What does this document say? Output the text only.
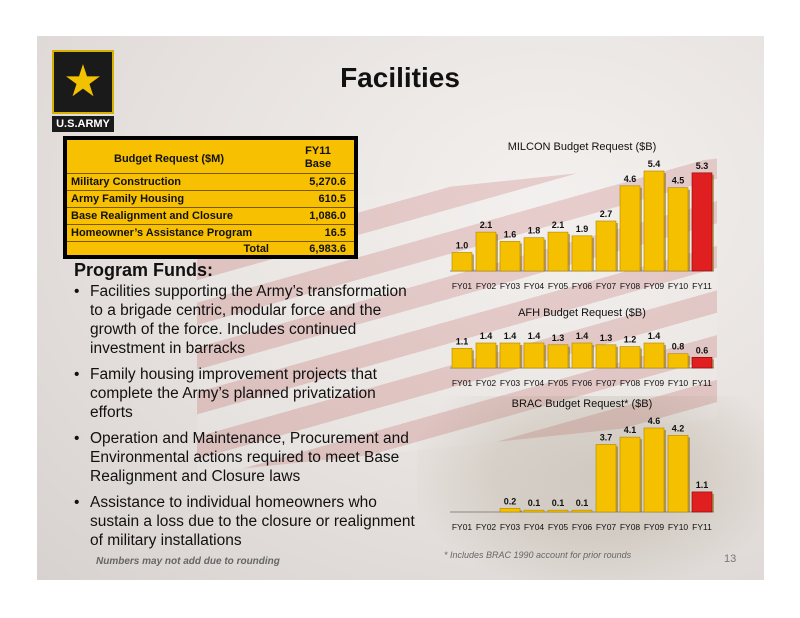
★
U.S.ARMY
Facilities
Budget Request ($M)
FY11
Base
Military Construction	5,270.6
Army Family Housing	610.5
Base Realignment and Closure	1,086.0
Homeowner’s Assistance Program	16.5
Total	6,983.6
Program Funds:
• Facilities supporting the Army’s transformation to a brigade centric, modular force and the growth of the force. Includes continued investment in barracks
• Family housing improvement projects that complete the Army’s planned privatization efforts
• Operation and Maintenance, Procurement and Environmental actions required to meet Base Realignment and Closure laws
• Assistance to individual homeowners who sustain a loss due to the closure or realignment of military installations
MILCON Budget Request ($B)
1.0
FY01
2.1
FY02
1.6
FY03
1.8
FY04
2.1
FY05
1.9
FY06
2.7
FY07
4.6
FY08
5.4
FY09
4.5
FY10
5.3
FY11
AFH Budget Request ($B)
1.1
FY01
1.4
FY02
1.4
FY03
1.4
FY04
1.3
FY05
1.4
FY06
1.3
FY07
1.2
FY08
1.4
FY09
0.8
FY10
0.6
FY11
BRAC Budget Request* ($B)
FY01 FY02
0.2
FY03
0.1
FY04
0.1
FY05
0.1
FY06
3.7
FY07
4.1
FY08
4.6
FY09
4.2
FY10
1.1
FY11
Numbers may not add due to rounding
* Includes BRAC 1990 account for prior rounds	13
